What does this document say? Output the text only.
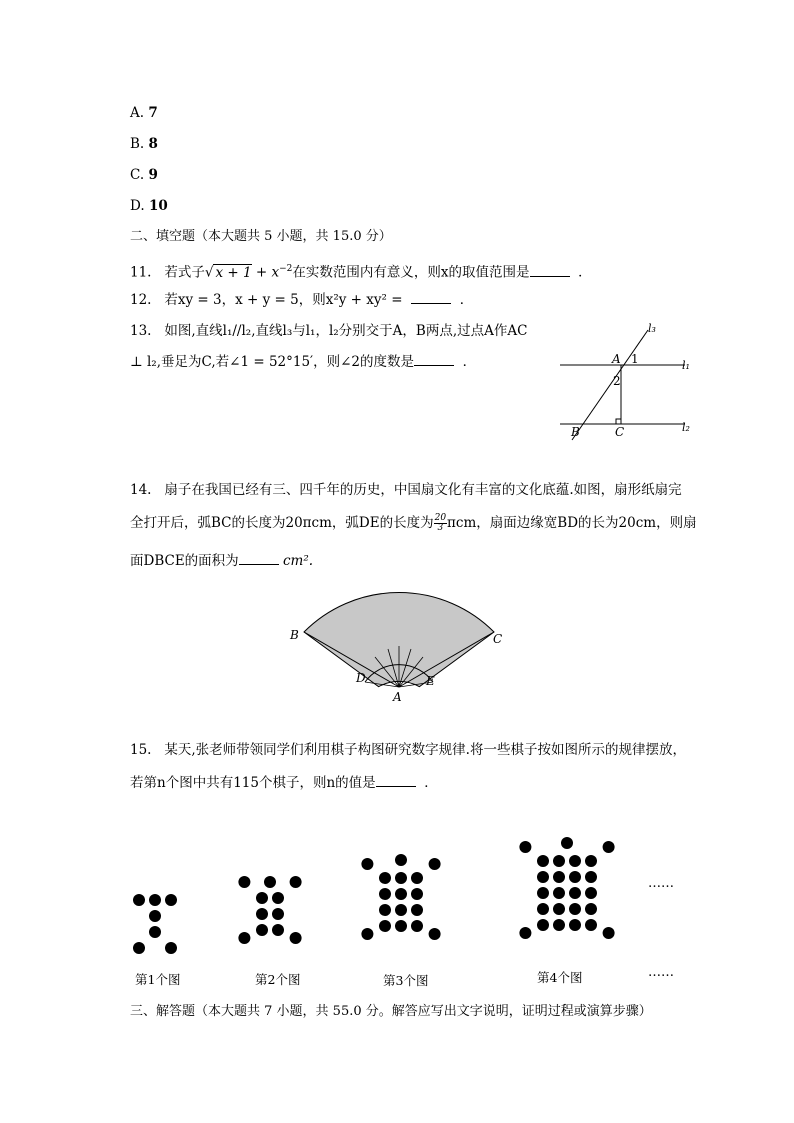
A. 7
B. 8
C. 9
D. 10
二、填空题（本大题共 5 小题，共 15.0 分）
11. 若式子√ $x + 1 + x^{-2}$在实数范围内有意义，则x的取值范围是	．
12. 若xy = 3，x + y = 5，则x²y + xy² =	．
13. 如图,直线l₁//l₂,直线l₃与l₁，l₂分别交于A，B两点,过点A作AC
⊥ l₂,垂足为C,若∠1 = 52°15′，则∠2的度数是	．
l₃
l₁
l₂
A 1
2
B	C
14. 扇子在我国已经有三、四千年的历史，中国扇文化有丰富的文化底蕴.如图，扇形纸扇完
全打开后，弧BC的长度为20πcm，弧DE的长度为 $\frac{20}{3}$ πcm，扇面边缘宽BD的长为20cm，则扇
面DBCE的面积为	cm².
B	C
D	E
A
15. 某天,张老师带领同学们利用棋子构图研究数字规律.将一些棋子按如图所示的规律摆放，
若第n个图中共有115个棋子，则n的值是	．
……
……
第1个图	第2个图	第3个图	第4个图
三、解答题（本大题共 7 小题，共 55.0 分。解答应写出文字说明，证明过程或演算步骤）
